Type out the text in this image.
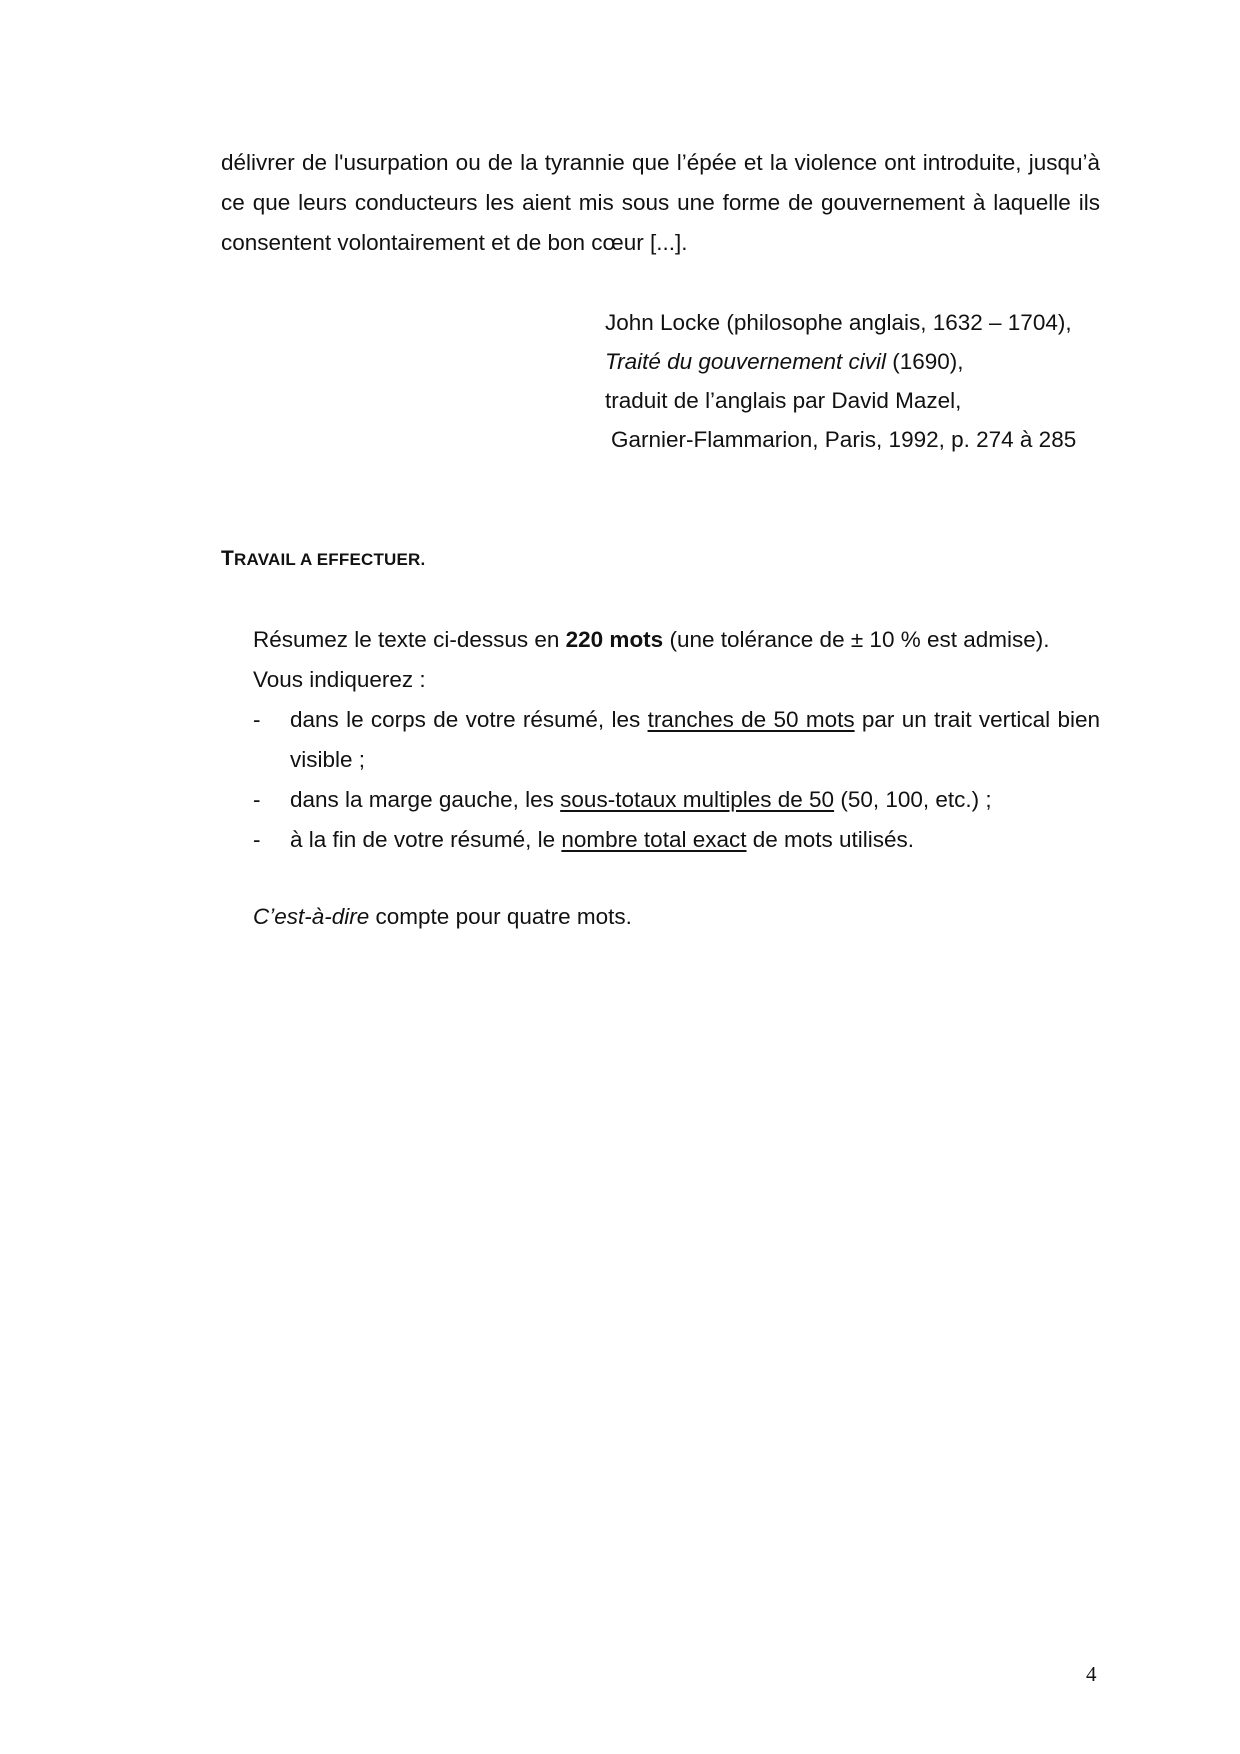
délivrer de l'usurpation ou de la tyrannie que l’épée et la violence ont introduite, jusqu’à ce que leurs conducteurs les aient mis sous une forme de gouvernement à laquelle ils consentent volontairement et de bon cœur [...].

John Locke (philosophe anglais, 1632 – 1704),
Traité du gouvernement civil (1690),
traduit de l’anglais par David Mazel,
Garnier-Flammarion, Paris, 1992, p. 274 à 285
TRAVAIL A EFFECTUER.
Résumez le texte ci-dessus en 220 mots (une tolérance de ± 10 % est admise).
Vous indiquerez :
- dans le corps de votre résumé, les tranches de 50 mots par un trait vertical bien visible ;
- dans la marge gauche, les sous-totaux multiples de 50 (50, 100, etc.) ;
- à la fin de votre résumé, le nombre total exact de mots utilisés.
C’est-à-dire compte pour quatre mots.
4
